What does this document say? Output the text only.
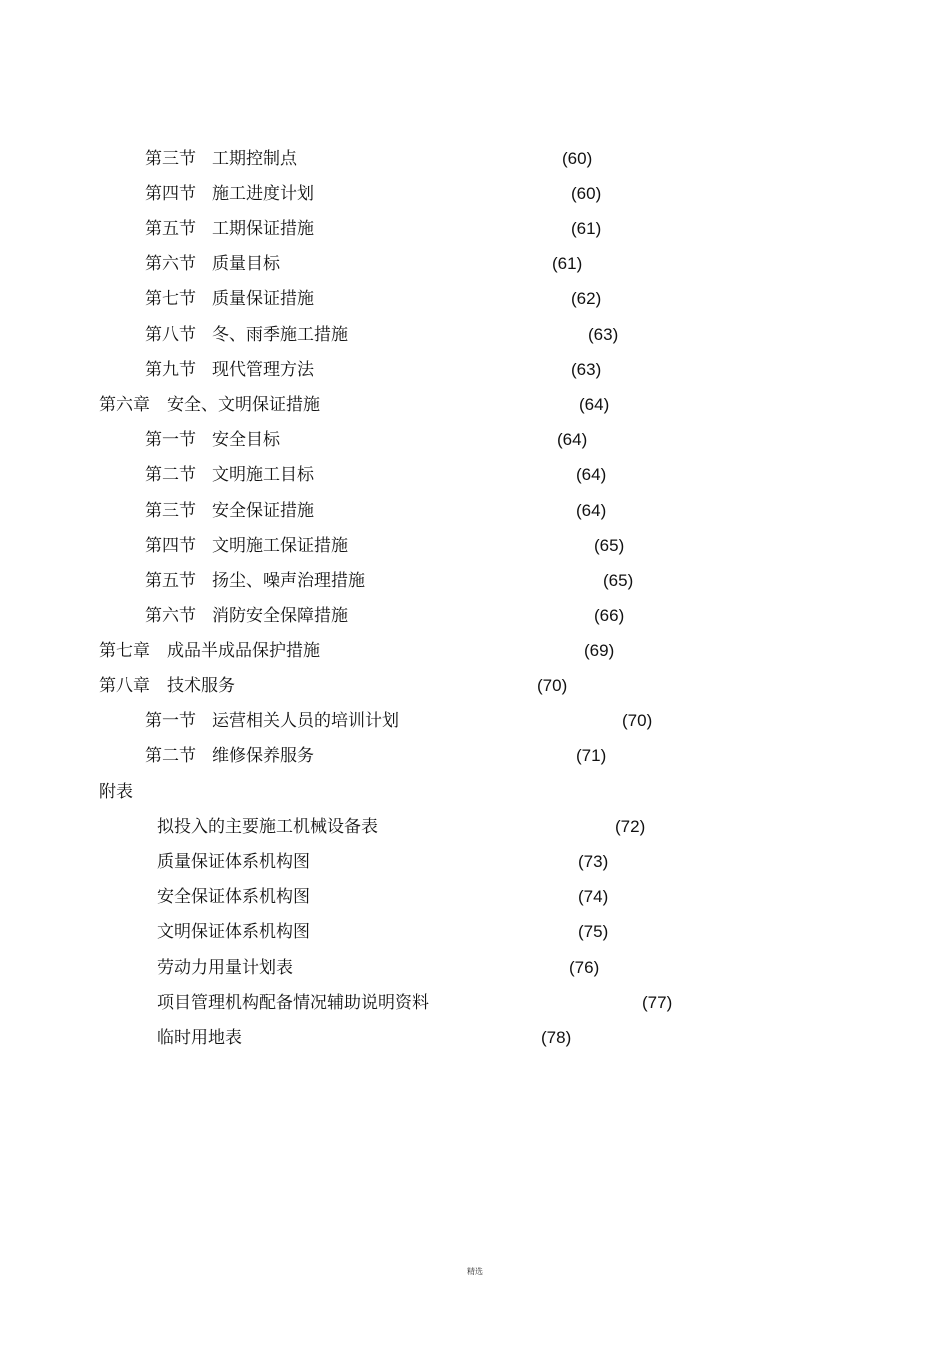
第三节 工期控制点	(60)
第四节 施工进度计划	(60)
第五节 工期保证措施	(61)
第六节 质量目标	(61)
第七节 质量保证措施	(62)
第八节 冬、雨季施工措施	(63)
第九节 现代管理方法	(63)
第六章 安全、文明保证措施	(64)
第一节 安全目标	(64)
第二节 文明施工目标	(64)
第三节 安全保证措施	(64)
第四节 文明施工保证措施	(65)
第五节 扬尘、噪声治理措施	(65)
第六节 消防安全保障措施	(66)
第七章 成品半成品保护措施	(69)
第八章 技术服务	(70)
第一节 运营相关人员的培训计划	(70)
第二节 维修保养服务	(71)
附表
拟投入的主要施工机械设备表	(72)
质量保证体系机构图	(73)
安全保证体系机构图	(74)
文明保证体系机构图	(75)
劳动力用量计划表	(76)
项目管理机构配备情况辅助说明资料	(77)
临时用地表	(78)
精选
